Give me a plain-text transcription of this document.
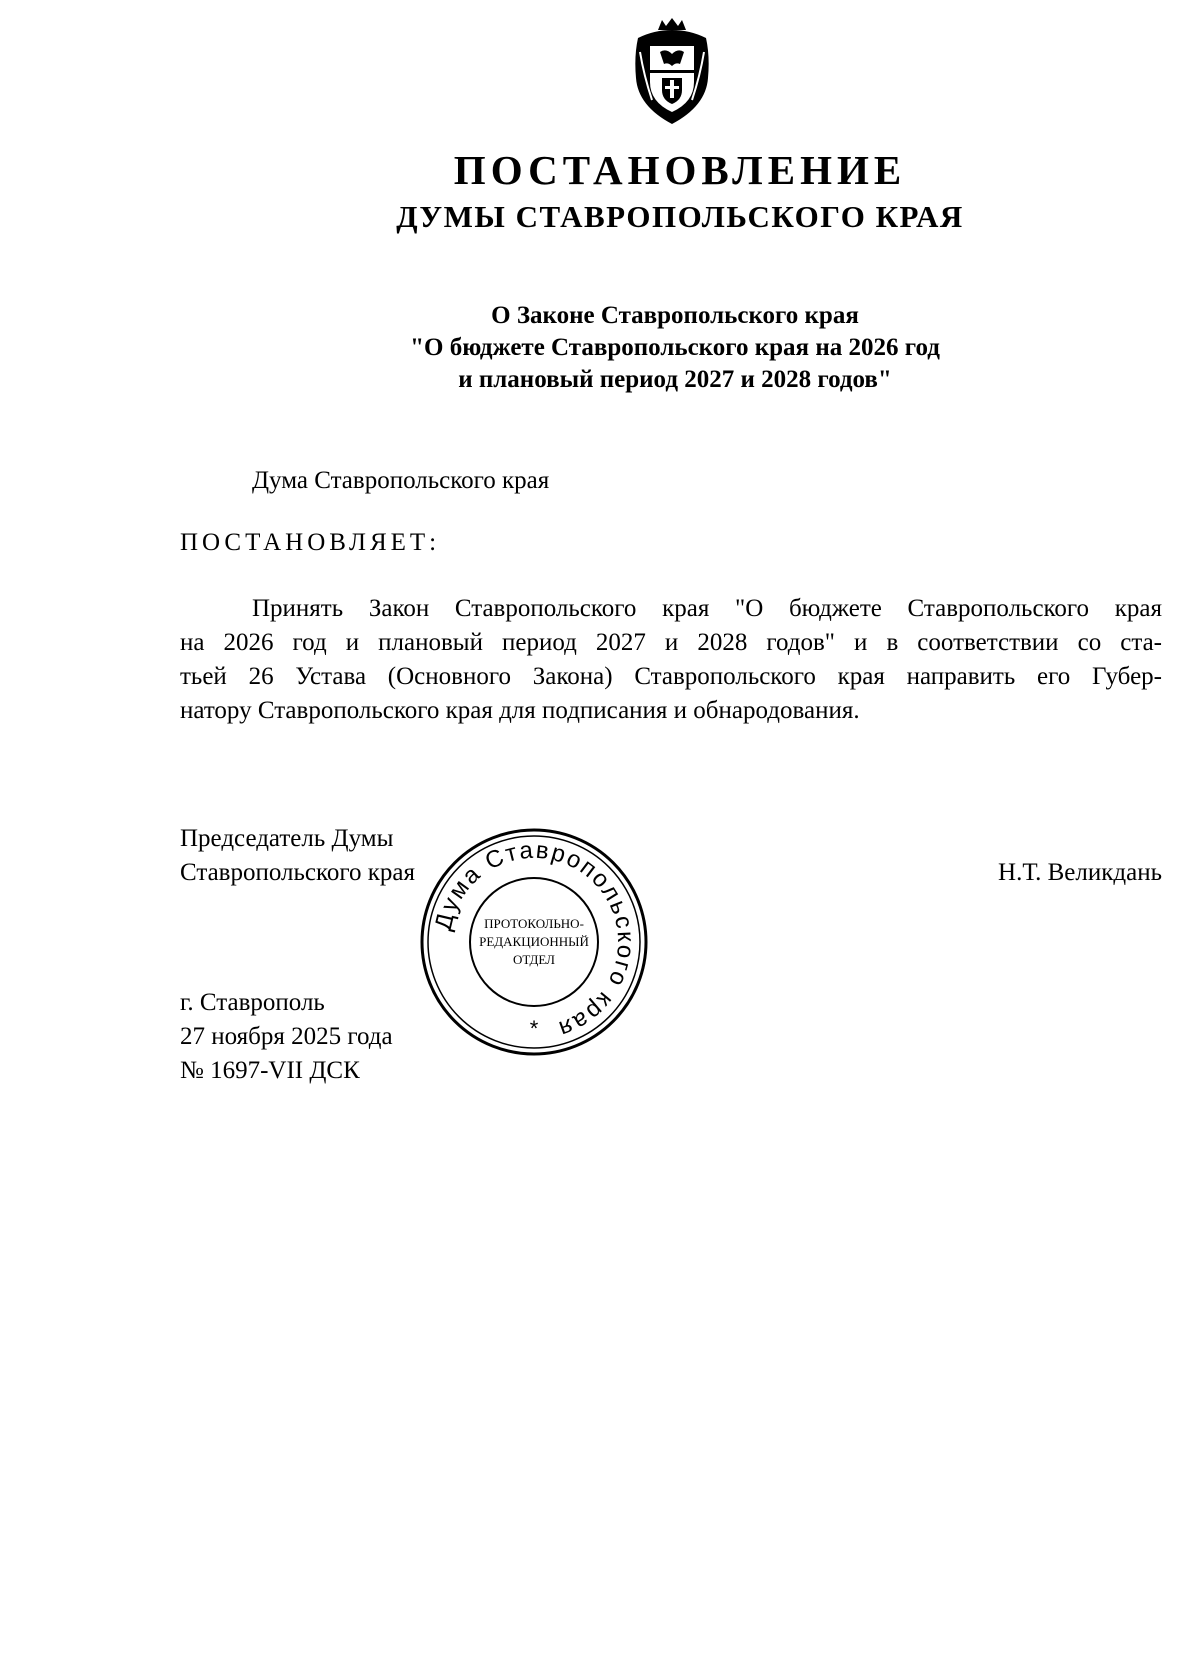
ПОСТАНОВЛЕНИЕ
ДУМЫ СТАВРОПОЛЬСКОГО КРАЯ
О Законе Ставропольского края
"О бюджете Ставропольского края на 2026 год
и плановый период 2027 и 2028 годов"
Дума Ставропольского края
ПОСТАНОВЛЯЕТ:
Принять Закон Ставропольского края "О бюджете Ставропольского края
на 2026 год и плановый период 2027 и 2028 годов" и в соответствии со ста-
тьей 26 Устава (Основного Закона) Ставропольского края направить его Губер-
натору Ставропольского края для подписания и обнародования.
Председатель Думы
Ставропольского края	Н.Т. Великдань
г. Ставрополь
27 ноября 2025 года
№ 1697-VII ДСК
Дума Ставропольского края
ПРОТОКОЛЬНО-
РЕДАКЦИОННЫЙ
ОТДЕЛ
*
